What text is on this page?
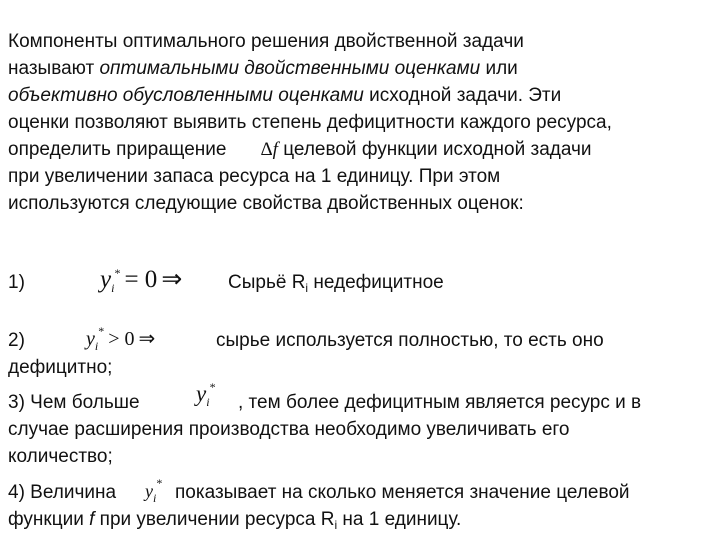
Компоненты оптимального решения двойственной задачи
называют оптимальными двойственными оценками или
объективно обусловленными оценками исходной задачи. Эти
оценки позволяют выявить степень дефицитности каждого ресурса,
определить приращение Δf целевой функции исходной задачи
при увеличении запаса ресурса на 1 единицу. При этом
используются следующие свойства двойственных оценок:
1)	$y_i^* = 0$ ⇒ Сырьё $R_i$ недефицитное
2)	$y_i^* > 0$ ⇒	сырье используется полностью, то есть оно
дефицитно;
3) Чем больше $y_i^*$
, тем более дефицитным является ресурс и в
случае расширения производства необходимо увеличивать его
количество;
4) Величина $y_i^*$ показывает на сколько меняется значение целевой
функции f при увеличении ресурса $R_i$ на 1 единицу.
